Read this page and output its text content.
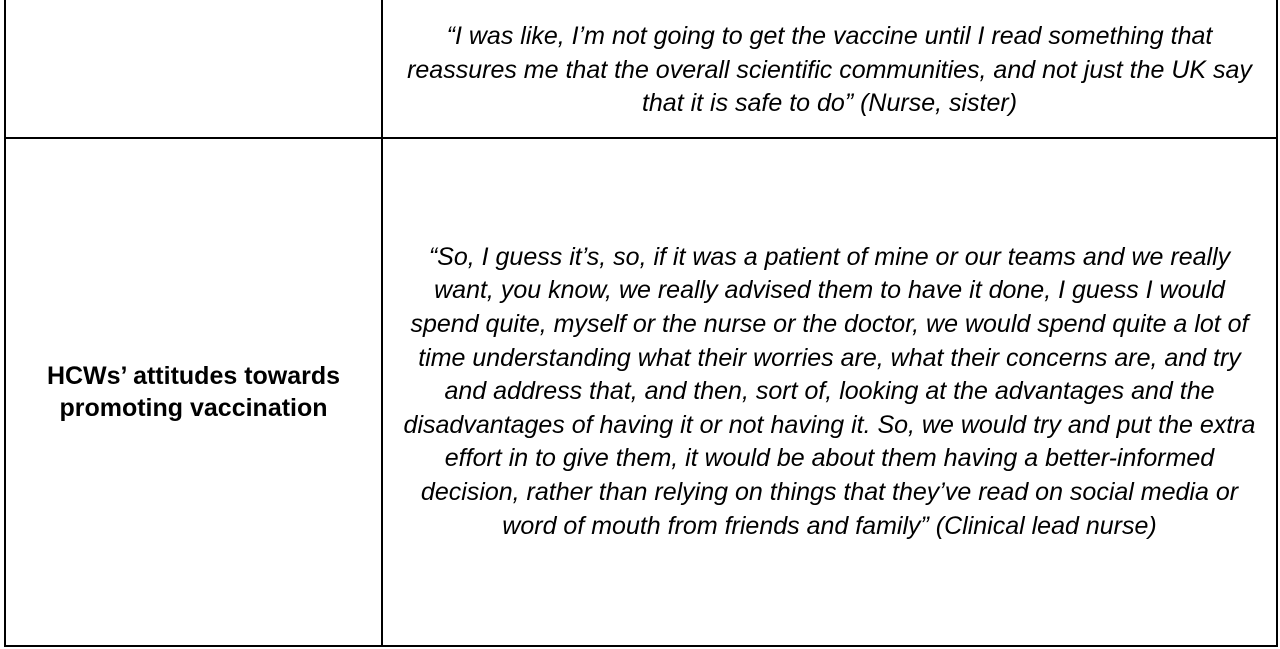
“I was like, I’m not going to get the vaccine until I read something that reassures me that the overall scientific communities, and not just the UK say that it is safe to do” (Nurse, sister)
HCWs’ attitudes towards promoting vaccination
“So, I guess it’s, so, if it was a patient of mine or our teams and we really want, you know, we really advised them to have it done, I guess I would spend quite, myself or the nurse or the doctor, we would spend quite a lot of time understanding what their worries are, what their concerns are, and try and address that, and then, sort of, looking at the advantages and the disadvantages of having it or not having it. So, we would try and put the extra effort in to give them, it would be about them having a better-informed decision, rather than relying on things that they’ve read on social media or word of mouth from friends and family” (Clinical lead nurse)
